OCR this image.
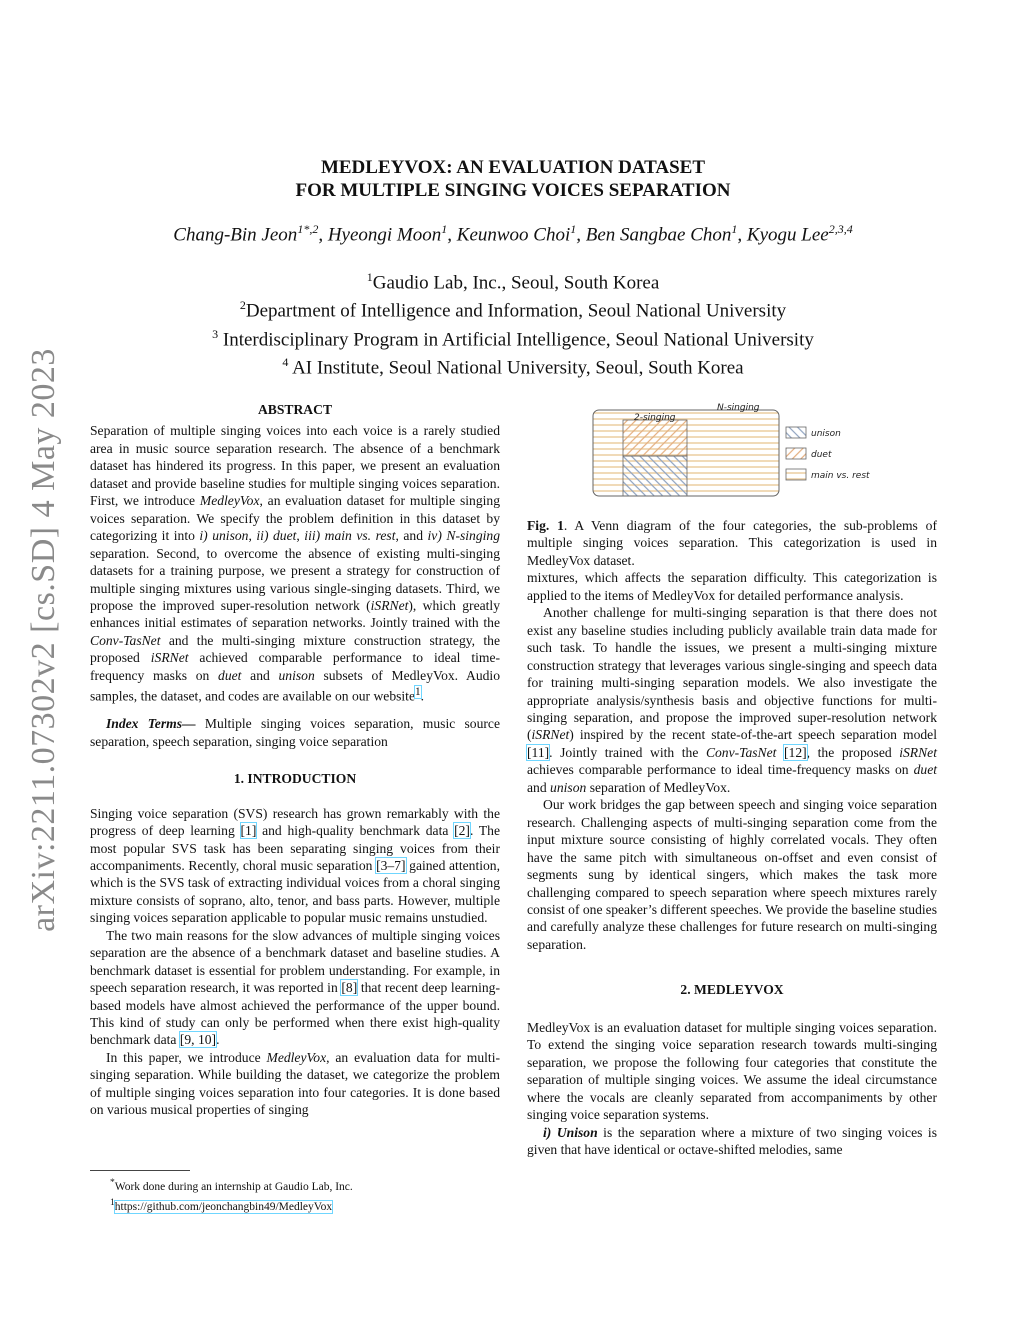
arXiv:2211.07302v2 [cs.SD] 4 May 2023
MEDLEYVOX: AN EVALUATION DATASET
FOR MULTIPLE SINGING VOICES SEPARATION
Chang-Bin Jeon$^{1*,2}$, Hyeongi Moon$^1$, Keunwoo Choi$^1$, Ben Sangbae Chon$^1$, Kyogu Lee$^{2,3,4}$
$^1$Gaudio Lab, Inc., Seoul, South Korea
$^2$Department of Intelligence and Information, Seoul National University
$^3$ Interdisciplinary Program in Artificial Intelligence, Seoul National University
$^4$ AI Institute, Seoul National University, Seoul, South Korea
ABSTRACT

Separation of multiple singing voices into each voice is a rarely studied area in music source separation research. The absence of a benchmark dataset has hindered its progress. In this paper, we present an evaluation dataset and provide baseline studies for multiple singing voices separation. First, we introduce MedleyVox, an evaluation dataset for multiple singing voices separation. We specify the problem definition in this dataset by categorizing it into i) unison, ii) duet, iii) main vs. rest, and iv) N-singing separation. Second, to overcome the absence of existing multi-singing datasets for a training purpose, we present a strategy for construction of multiple singing mixtures using various single-singing datasets. Third, we propose the improved super-resolution network (iSRNet), which greatly enhances initial estimates of separation networks. Jointly trained with the Conv-TasNet and the multi-singing mixture construction strategy, the proposed iSRNet achieved comparable performance to ideal time-frequency masks on duet and unison subsets of MedleyVox. Audio samples, the dataset, and codes are available on our website$^1$.

Index Terms— Multiple singing voices separation, music source separation, speech separation, singing voice separation

1. INTRODUCTION

Singing voice separation (SVS) research has grown remarkably with the progress of deep learning [1] and high-quality benchmark data [2]. The most popular SVS task has been separating singing voices from their accompaniments. Recently, choral music separation [3–7] gained attention, which is the SVS task of extracting individual voices from a choral singing mixture consists of soprano, alto, tenor, and bass parts. However, multiple singing voices separation applicable to popular music remains unstudied.

The two main reasons for the slow advances of multiple singing voices separation are the absence of a benchmark dataset and baseline studies. A benchmark dataset is essential for problem understanding. For example, in speech separation research, it was reported in [8] that recent deep learning-based models have almost achieved the performance of the upper bound. This kind of study can only be performed when there exist high-quality benchmark data [9, 10].

In this paper, we introduce MedleyVox, an evaluation data for multi-singing separation. While building the dataset, we categorize the problem of multiple singing voices separation into four categories. It is done based on various musical properties of singing

*Work done during an internship at Gaudio Lab, Inc.
$^1$https://github.com/jeonchangbin49/MedleyVox
2-singing
N-singing
unison
duet
main vs. rest

Fig. 1. A Venn diagram of the four categories, the sub-problems of multiple singing voices separation. This categorization is used in MedleyVox dataset.

mixtures, which affects the separation difficulty. This categorization is applied to the items of MedleyVox for detailed performance analysis.

Another challenge for multi-singing separation is that there does not exist any baseline studies including publicly available train data made for such task. To handle the issues, we present a multi-singing mixture construction strategy that leverages various single-singing and speech data for training multi-singing separation models. We also investigate the appropriate analysis/synthesis basis and objective functions for multi-singing separation, and propose the improved super-resolution network (iSRNet) inspired by the recent state-of-the-art speech separation model [11]. Jointly trained with the Conv-TasNet [12], the proposed iSRNet achieves comparable performance to ideal time-frequency masks on duet and unison separation of MedleyVox.

Our work bridges the gap between speech and singing voice separation research. Challenging aspects of multi-singing separation come from the input mixture source consisting of highly correlated vocals. They often have the same pitch with simultaneous on-offset and even consist of segments sung by identical singers, which makes the task more challenging compared to speech separation where speech mixtures rarely consist of one speaker’s different speeches. We provide the baseline studies and carefully analyze these challenges for future research on multi-singing separation.

2. MEDLEYVOX

MedleyVox is an evaluation dataset for multiple singing voices separation. To extend the singing voice separation research towards multi-singing separation, we propose the following four categories that constitute the separation of multiple singing voices. We assume the ideal circumstance where the vocals are cleanly separated from accompaniments by other singing voice separation systems.

i) Unison is the separation where a mixture of two singing voices is given that have identical or octave-shifted melodies, same
